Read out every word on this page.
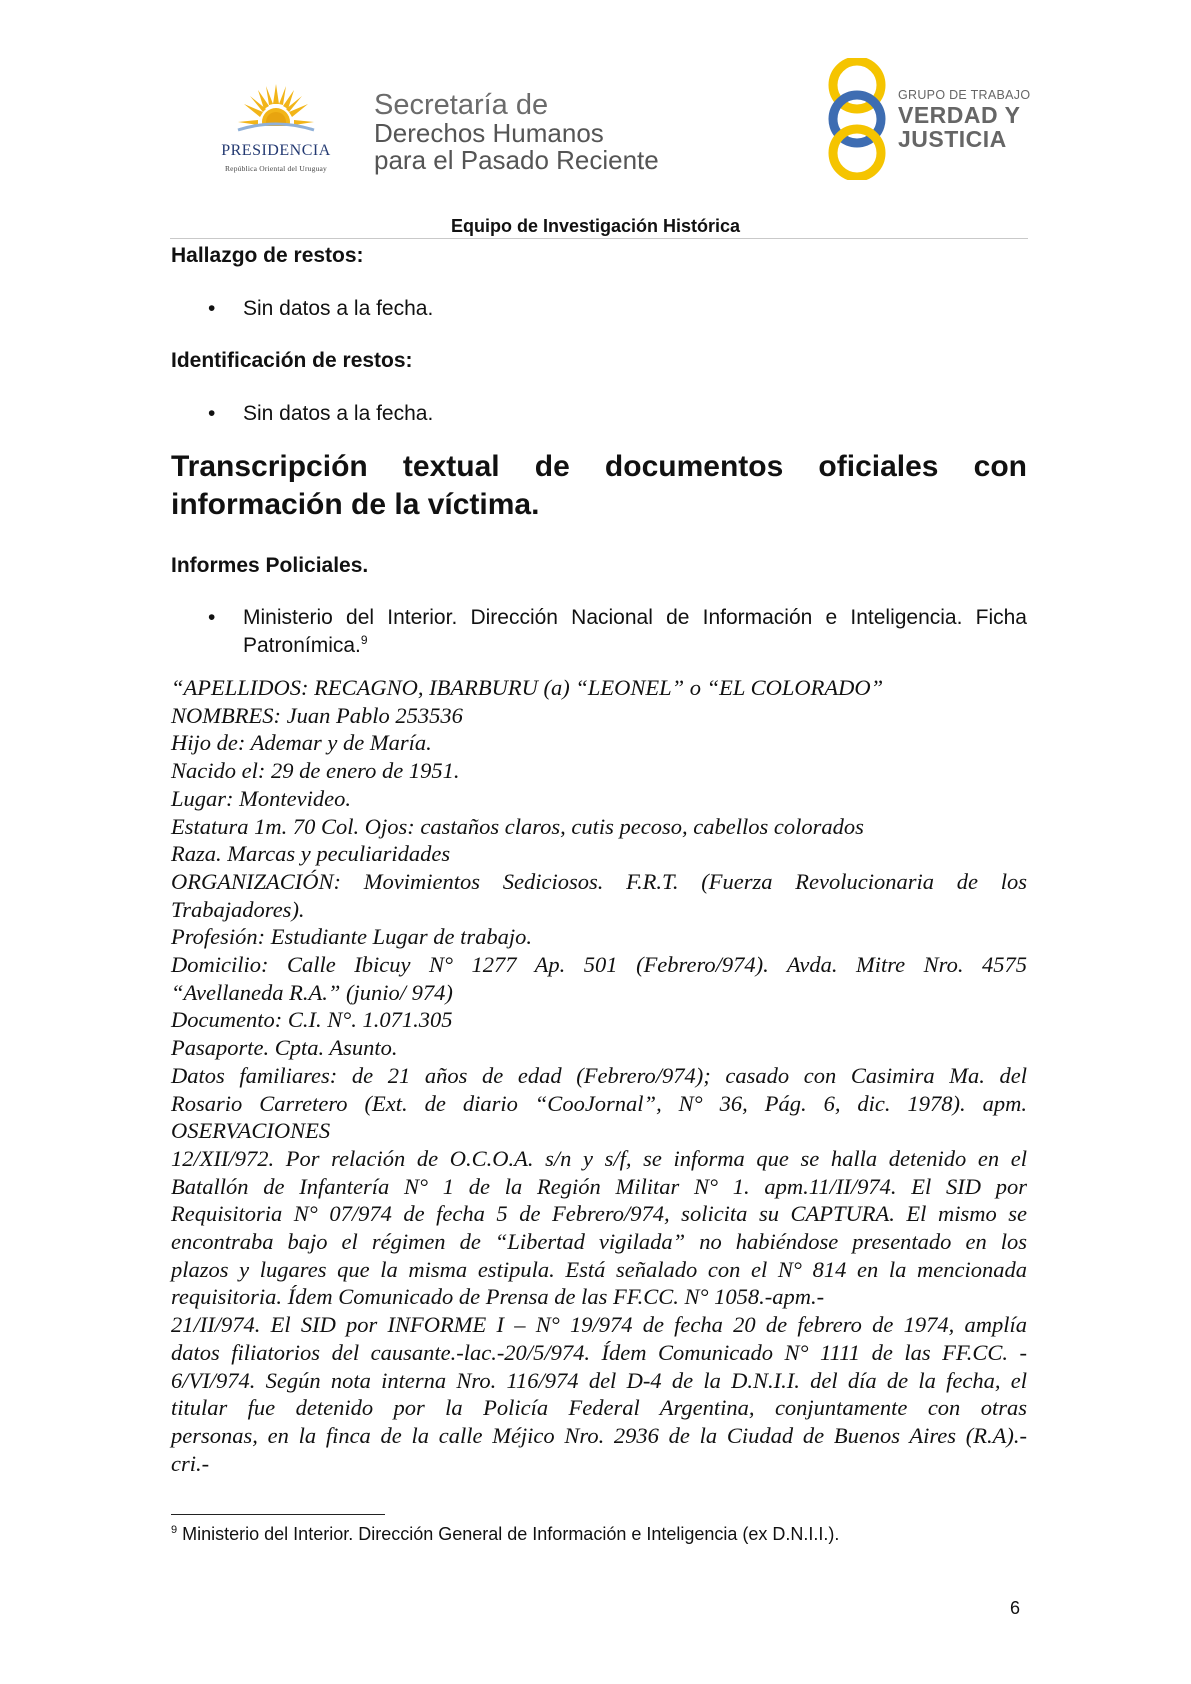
PRESIDENCIA
República Oriental del Uruguay
Secretaría de
Derechos Humanos
para el Pasado Reciente
GRUPO DE TRABAJO
VERDAD Y
JUSTICIA
Equipo de Investigación Histórica
Hallazgo de restos:
• Sin datos a la fecha.
Identificación de restos:
• Sin datos a la fecha.
Transcripción textual de documentos oficiales con información de la víctima.
Informes Policiales.
• Ministerio del Interior. Dirección Nacional de Información e Inteligencia. Ficha Patronímica.$^9$
“APELLIDOS: RECAGNO, IBARBURU (a) “LEONEL” o “EL COLORADO”
NOMBRES: Juan Pablo 253536
Hijo de: Ademar y de María.
Nacido el: 29 de enero de 1951.
Lugar: Montevideo.
Estatura 1m. 70 Col. Ojos: castaños claros, cutis pecoso, cabellos colorados
Raza. Marcas y peculiaridades
ORGANIZACIÓN: Movimientos Sediciosos. F.R.T. (Fuerza Revolucionaria de los
Trabajadores).
Profesión: Estudiante Lugar de trabajo.
Domicilio: Calle Ibicuy N° 1277 Ap. 501 (Febrero/974). Avda. Mitre Nro. 4575
“Avellaneda R.A.” (junio/ 974)
Documento: C.I. N°. 1.071.305
Pasaporte. Cpta. Asunto.
Datos familiares: de 21 años de edad (Febrero/974); casado con Casimira Ma. del
Rosario Carretero (Ext. de diario “CooJornal”, N° 36, Pág. 6, dic. 1978). apm.
OSERVACIONES
12/XII/972. Por relación de O.C.O.A. s/n y s/f, se informa que se halla detenido en el
Batallón de Infantería N° 1 de la Región Militar N° 1. apm.11/II/974. El SID por
Requisitoria N° 07/974 de fecha 5 de Febrero/974, solicita su CAPTURA. El mismo se
encontraba bajo el régimen de “Libertad vigilada” no habiéndose presentado en los
plazos y lugares que la misma estipula. Está señalado con el N° 814 en la mencionada
requisitoria. Ídem Comunicado de Prensa de las FF.CC. N° 1058.-apm.-
21/II/974. El SID por INFORME I – N° 19/974 de fecha 20 de febrero de 1974, amplía
datos filiatorios del causante.-lac.-20/5/974. Ídem Comunicado N° 1111 de las FF.CC. -
6/VI/974. Según nota interna Nro. 116/974 del D-4 de la D.N.I.I. del día de la fecha, el
titular fue detenido por la Policía Federal Argentina, conjuntamente con otras
personas, en la finca de la calle Méjico Nro. 2936 de la Ciudad de Buenos Aires (R.A).-
cri.-
$^9$ Ministerio del Interior. Dirección General de Información e Inteligencia (ex D.N.I.I.).
6
